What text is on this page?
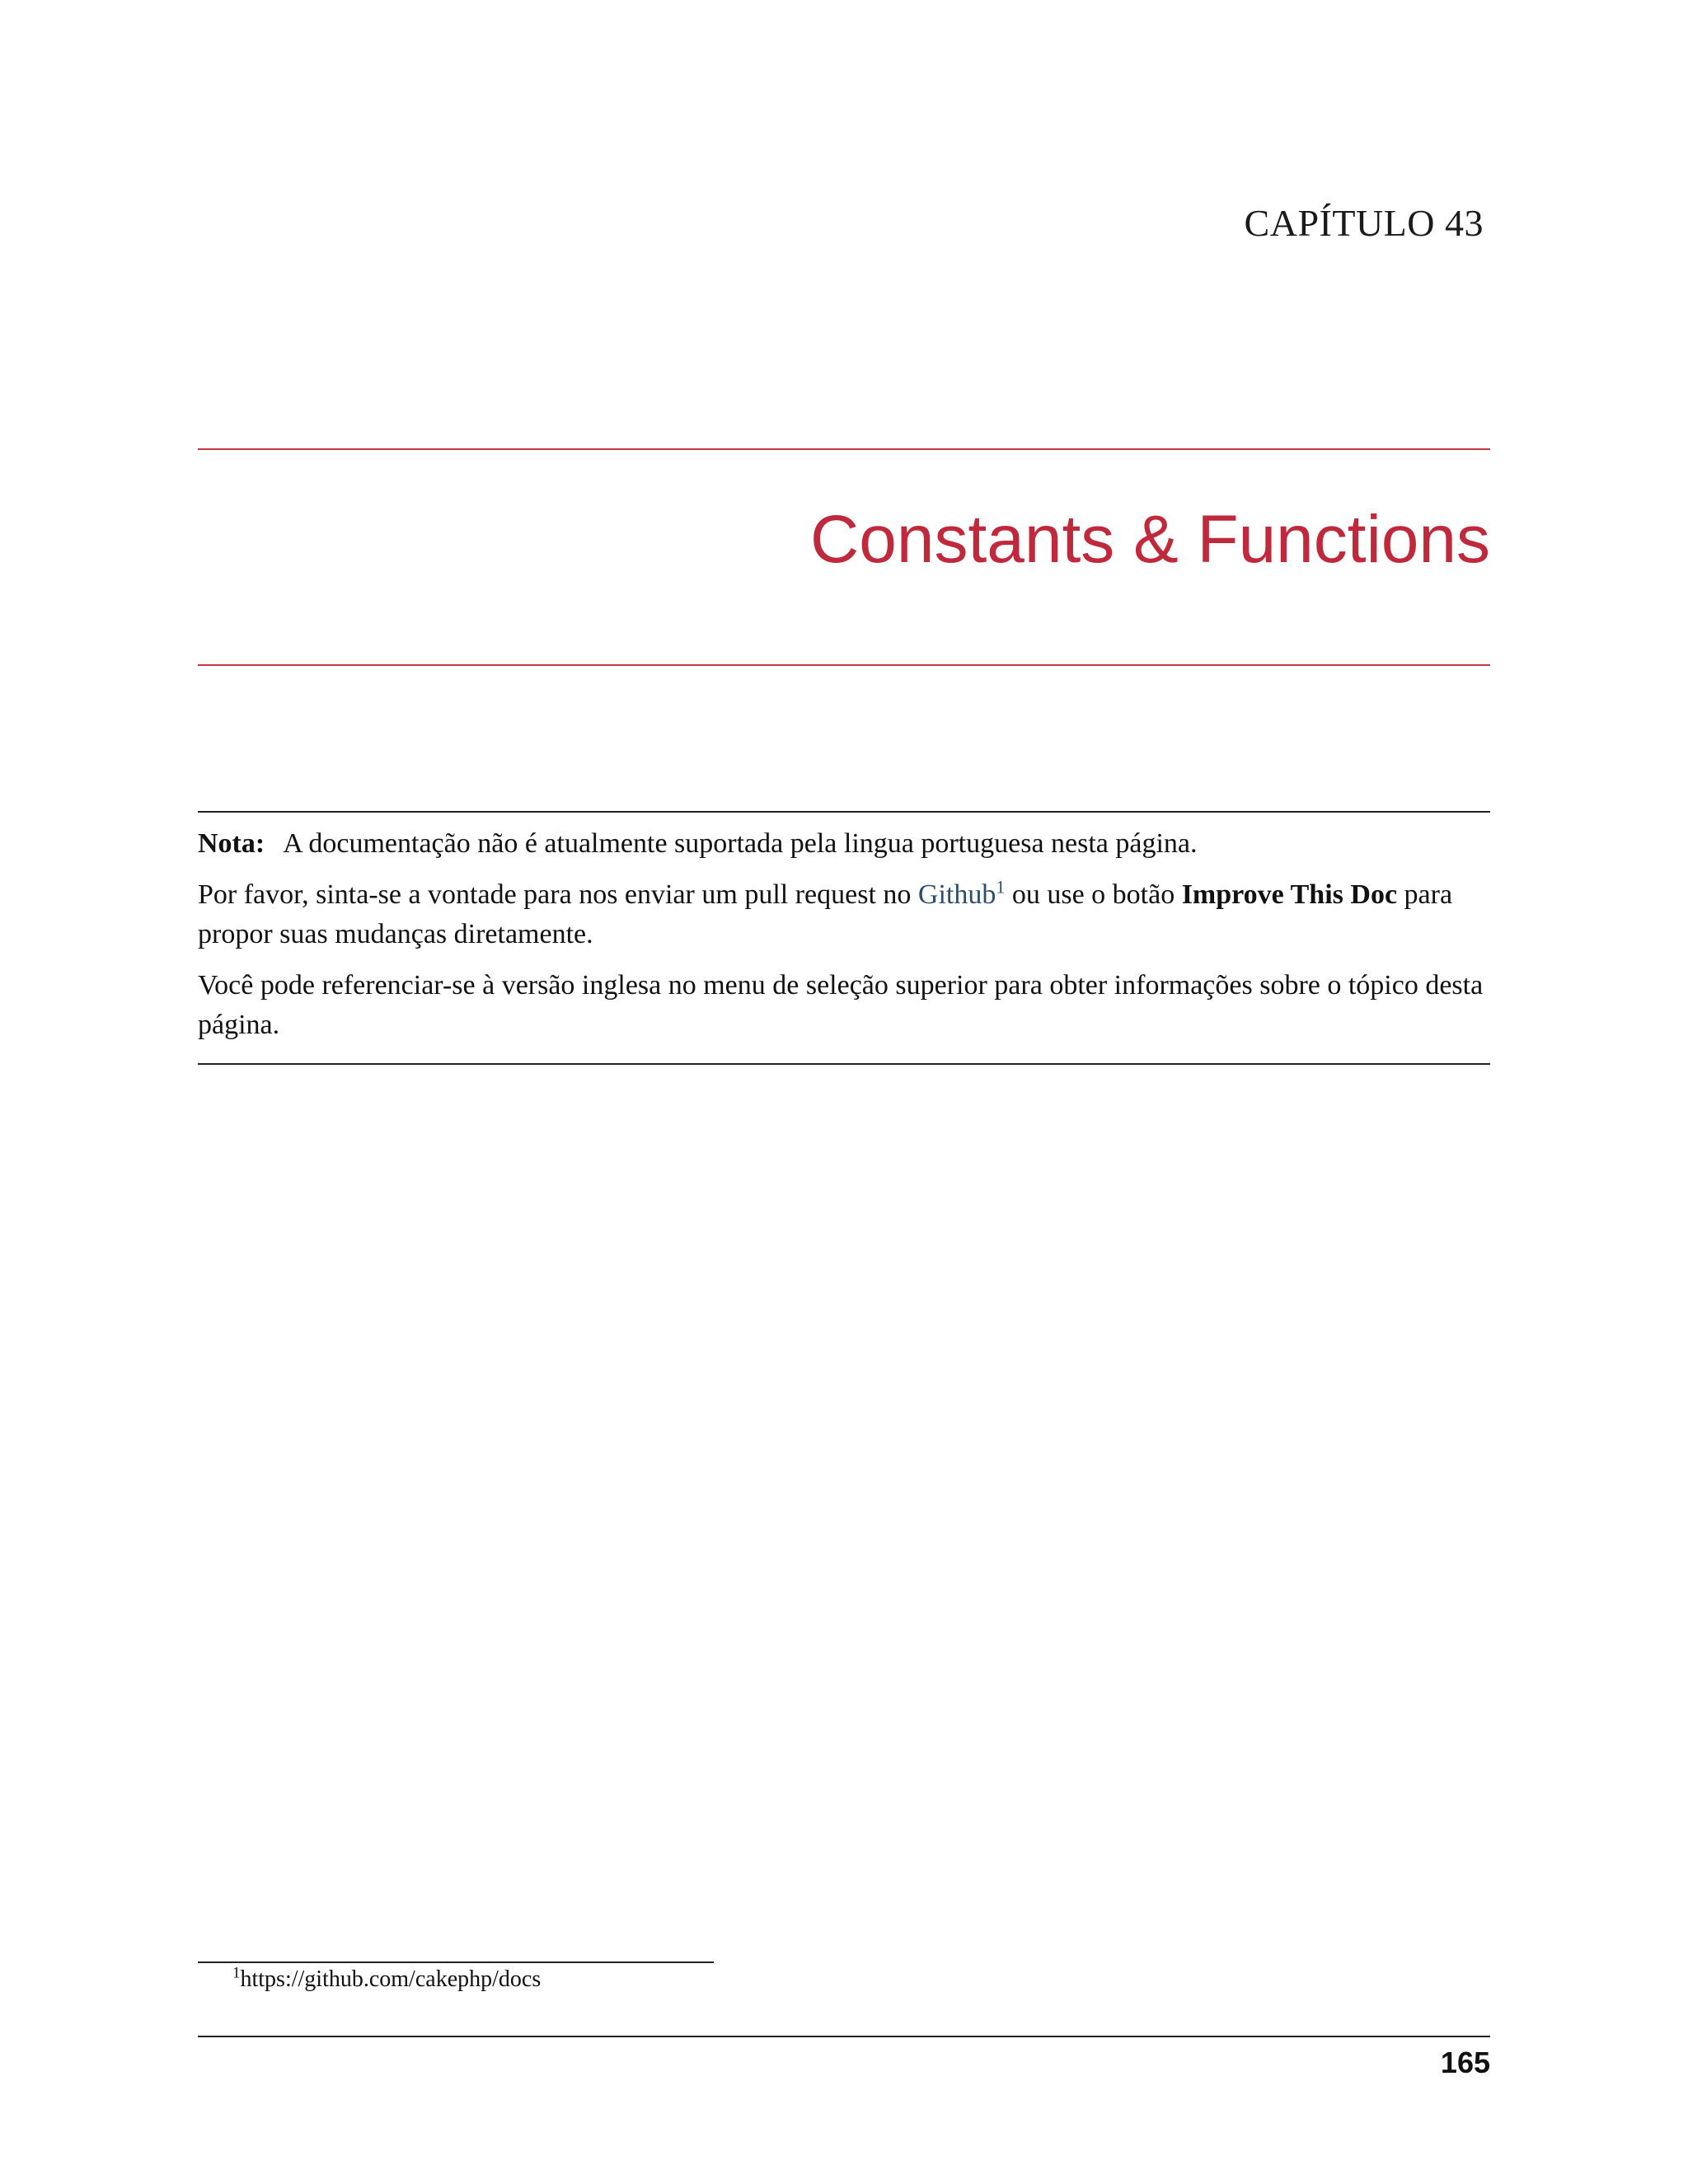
CAPÍTULO 43
Constants & Functions

Nota: A documentação não é atualmente suportada pela lingua portuguesa nesta página.

Por favor, sinta-se a vontade para nos enviar um pull request no Github$^1$ ou use o botão Improve This Doc para propor suas mudanças diretamente.

Você pode referenciar-se à versão inglesa no menu de seleção superior para obter informações sobre o tópico desta página.

$^1$https://github.com/cakephp/docs
165
